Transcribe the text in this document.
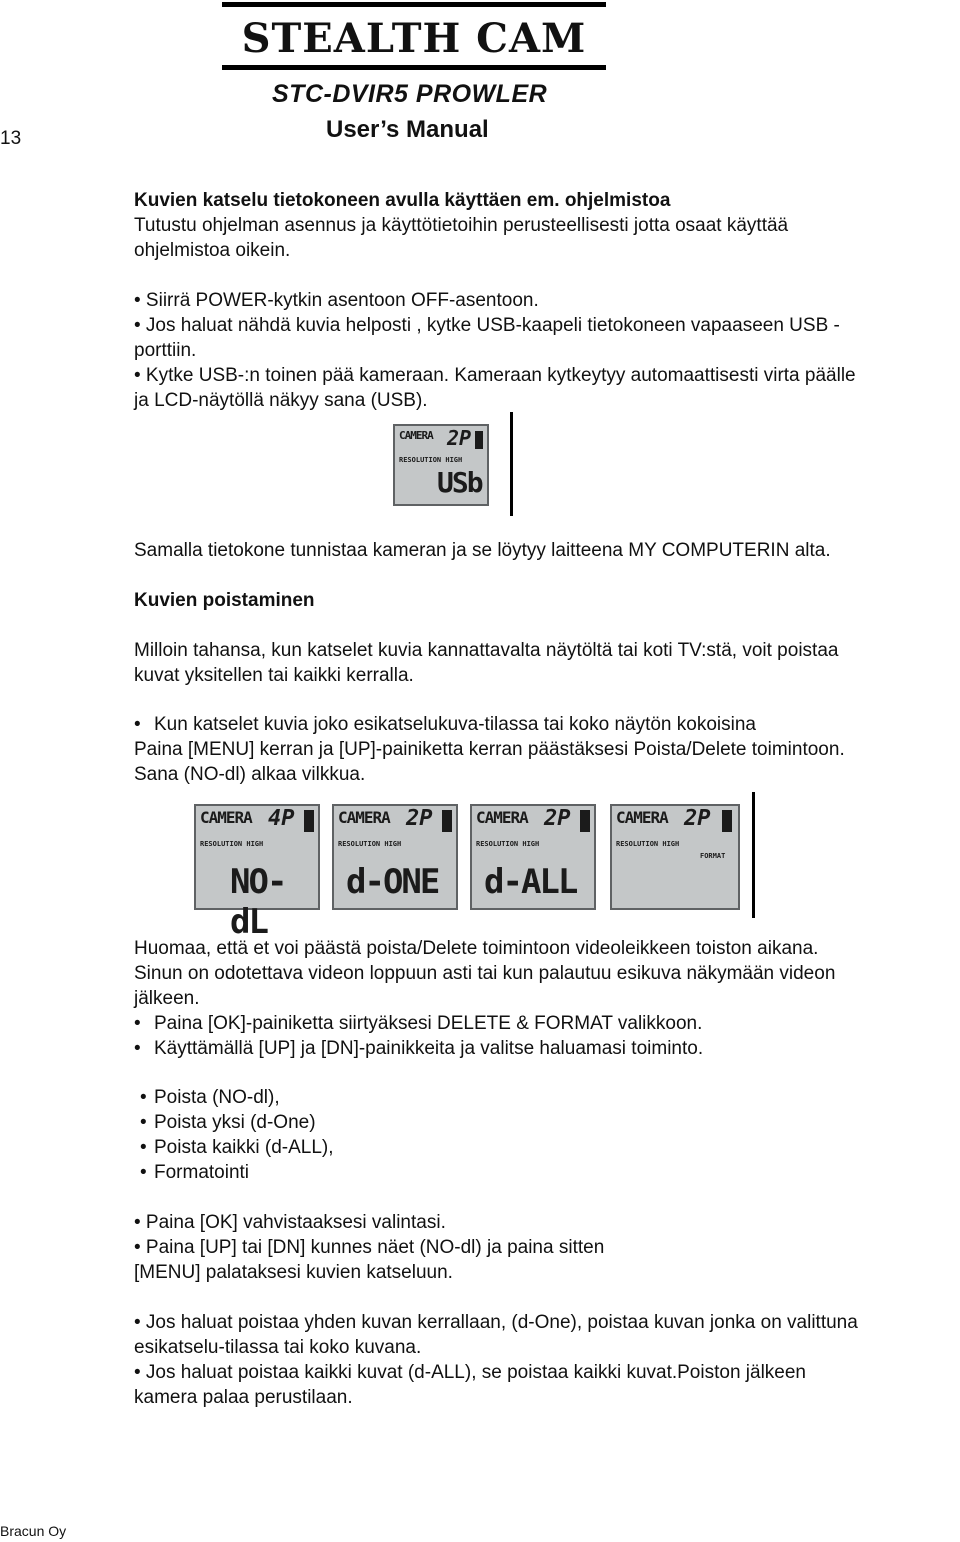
13
STEALTH CAM
STC-DVIR5 PROWLER
User’s Manual
Kuvien katselu tietokoneen avulla käyttäen em. ohjelmistoa
Tutustu ohjelman asennus ja käyttötietoihin perusteellisesti jotta osaat käyttää
ohjelmistoa oikein.
• Siirrä POWER-kytkin asentoon OFF-asentoon.
• Jos haluat nähdä kuvia helposti , kytke USB-kaapeli tietokoneen vapaaseen USB -
porttiin.
• Kytke USB-:n toinen pää kameraan. Kameraan kytkeytyy automaattisesti virta päälle
ja LCD-näytöllä näkyy sana (USB).
CAMERA 2P
RESOLUTION HIGH
USb
Samalla tietokone tunnistaa kameran ja se löytyy laitteena MY COMPUTERIN alta.
Kuvien poistaminen
Milloin tahansa, kun katselet kuvia kannattavalta näytöltä tai koti TV:stä, voit poistaa
kuvat yksitellen tai kaikki kerralla.
• Kun katselet kuvia joko esikatselukuva-tilassa tai koko näytön kokoisina
Paina [MENU] kerran ja [UP]-painiketta kerran päästäksesi Poista/Delete toimintoon.
Sana (NO-dl) alkaa vilkkua.
CAMERA 4P
RESOLUTION HIGH
NO-dL
CAMERA 2P
RESOLUTION HIGH
d-ONE
CAMERA 2P
RESOLUTION HIGH
d-ALL
CAMERA 2P
RESOLUTION HIGH
FORMAT
Huomaa, että et voi päästä poista/Delete toimintoon videoleikkeen toiston aikana.
Sinun on odotettava videon loppuun asti tai kun palautuu esikuva näkymään videon
jälkeen.
• Paina [OK]-painiketta siirtyäksesi DELETE & FORMAT valikkoon.
• Käyttämällä [UP] ja [DN]-painikkeita ja valitse haluamasi toiminto.
• Poista (NO-dl),
• Poista yksi (d-One)
• Poista kaikki (d-ALL),
• Formatointi
• Paina [OK] vahvistaaksesi valintasi.
• Paina [UP] tai [DN] kunnes näet (NO-dl) ja paina sitten
[MENU] palataksesi kuvien katseluun.
• Jos haluat poistaa yhden kuvan kerrallaan, (d-One), poistaa kuvan jonka on valittuna
esikatselu-tilassa tai koko kuvana.
• Jos haluat poistaa kaikki kuvat (d-ALL), se poistaa kaikki kuvat.Poiston jälkeen
kamera palaa perustilaan.
Bracun Oy
